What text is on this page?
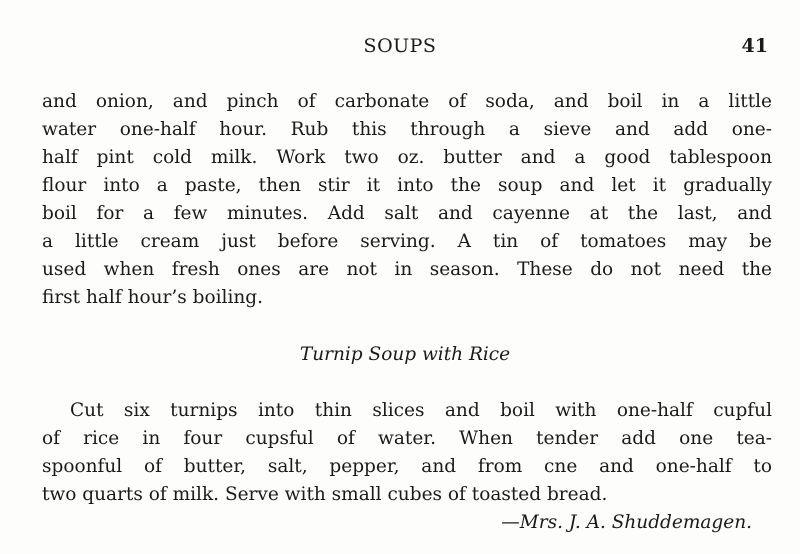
SOUPS	41
and onion, and pinch of carbonate of soda, and boil in a little
water one-half hour. Rub this through a sieve and add one-
half pint cold milk. Work two oz. butter and a good tablespoon
flour into a paste, then stir it into the soup and let it gradually
boil for a few minutes. Add salt and cayenne at the last, and
a little cream just before serving. A tin of tomatoes may be
used when fresh ones are not in season. These do not need the
first half hour’s boiling.
Turnip Soup with Rice
Cut six turnips into thin slices and boil with one-half cupful
of rice in four cupsful of water. When tender add one tea-
spoonful of butter, salt, pepper, and from cne and one-half to
two quarts of milk. Serve with small cubes of toasted bread.
—Mrs. J. A. Shuddemagen.
